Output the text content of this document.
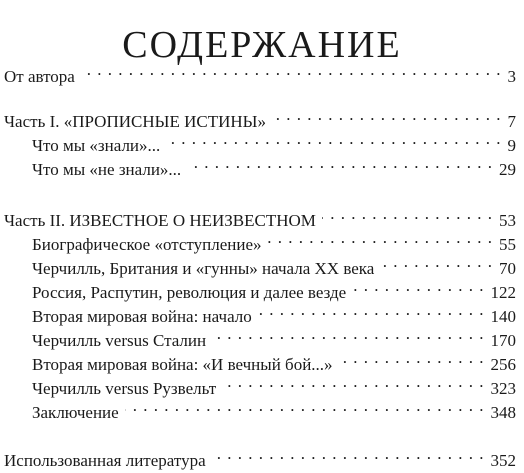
СОДЕРЖАНИЕ
От автора . . .	3
Часть I. «ПРОПИСНЫЕ ИСТИНЫ» . . .	7
Что мы «знали»... . . .	9
Что мы «не знали»... . . .	29
Часть II. ИЗВЕСТНОЕ О НЕИЗВЕСТНОМ . . .	53
Биографическое «отступление» . . .	55
Черчилль, Британия и «гунны» начала XX века . . .	70
Россия, Распутин, революция и далее везде . . .	122
Вторая мировая война: начало . . .	140
Черчилль versus Сталин . . .	170
Вторая мировая война: «И вечный бой...» . . .	256
Черчилль versus Рузвельт . . .	323
Заключение . . .	348
Использованная литература . . .	352
